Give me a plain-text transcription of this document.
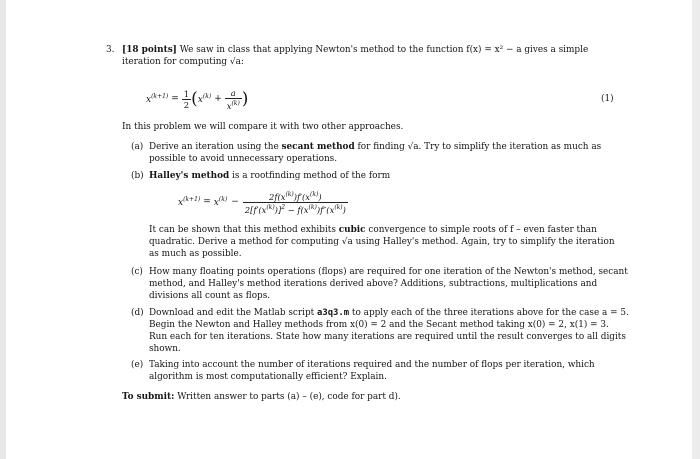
3. [18 points] We saw in class that applying Newton's method to the function f(x) = x² − a gives a simple
iteration for computing √a:
$x^{(k+1)} = \frac{1}{2}$ ( $x^{(k)} + \frac{a}{x^{(k)}}$ )	(1)
In this problem we will compare it with two other approaches.
(a) Derive an iteration using the secant method for finding √a. Try to simplify the iteration as much as
possible to avoid unnecessary operations.
(b) Halley's method is a rootfinding method of the form
$x^{(k+1)} = x^{(k)} - \frac{2f(x^{(k)})f'(x^{(k)})}{2[f'(x^{(k)})]^2 - f(x^{(k)})f''(x^{(k)})}$
It can be shown that this method exhibits cubic convergence to simple roots of f – even faster than
quadratic. Derive a method for computing √a using Halley's method. Again, try to simplify the iteration
as much as possible.
(c) How many floating points operations (flops) are required for one iteration of the Newton's method, secant
method, and Halley's method iterations derived above? Additions, subtractions, multiplications and
divisions all count as flops.
(d) Download and edit the Matlab script a3q3.m to apply each of the three iterations above for the case a = 5.
Begin the Newton and Halley methods from x(0) = 2 and the Secant method taking x(0) = 2, x(1) = 3.
Run each for ten iterations. State how many iterations are required until the result converges to all digits
shown.
(e) Taking into account the number of iterations required and the number of flops per iteration, which
algorithm is most computationally efficient? Explain.
To submit: Written answer to parts (a) – (e), code for part d).
